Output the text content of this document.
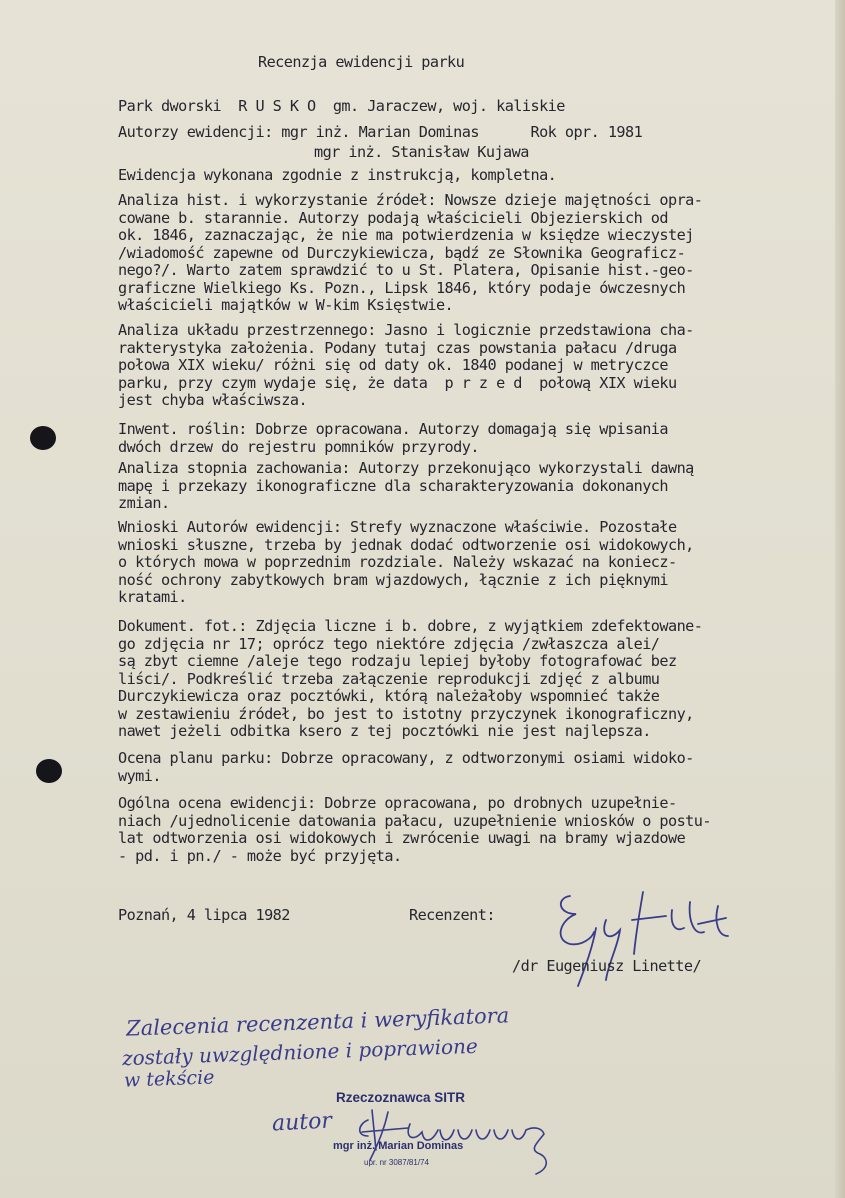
Recenzja ewidencji parku
Park dworski  R U S K O  gm. Jaraczew, woj. kaliskie
Autorzy ewidencji: mgr inż. Marian Dominas      Rok opr. 1981
mgr inż. Stanisław Kujawa
Ewidencja wykonana zgodnie z instrukcją, kompletna.
Analiza hist. i wykorzystanie źródeł: Nowsze dzieje majętności opra-
cowane b. starannie. Autorzy podają właścicieli Objezierskich od
ok. 1846, zaznaczając, że nie ma potwierdzenia w księdze wieczystej
/wiadomość zapewne od Durczykiewicza, bądź ze Słownika Geograficz-
nego?/. Warto zatem sprawdzić to u St. Platera, Opisanie hist.-geo-
graficzne Wielkiego Ks. Pozn., Lipsk 1846, który podaje ówczesnych
właścicieli majątków w W-kim Księstwie.
Analiza układu przestrzennego: Jasno i logicznie przedstawiona cha-
rakterystyka założenia. Podany tutaj czas powstania pałacu /druga
połowa XIX wieku/ różni się od daty ok. 1840 podanej w metryczce
parku, przy czym wydaje się, że data  p r z e d  połową XIX wieku
jest chyba właściwsza.
Inwent. roślin: Dobrze opracowana. Autorzy domagają się wpisania
dwóch drzew do rejestru pomników przyrody.
Analiza stopnia zachowania: Autorzy przekonująco wykorzystali dawną
mapę i przekazy ikonograficzne dla scharakteryzowania dokonanych
zmian.
Wnioski Autorów ewidencji: Strefy wyznaczone właściwie. Pozostałe
wnioski słuszne, trzeba by jednak dodać odtworzenie osi widokowych,
o których mowa w poprzednim rozdziale. Należy wskazać na koniecz-
ność ochrony zabytkowych bram wjazdowych, łącznie z ich pięknymi
kratami.
Dokument. fot.: Zdjęcia liczne i b. dobre, z wyjątkiem zdefektowane-
go zdjęcia nr 17; oprócz tego niektóre zdjęcia /zwłaszcza alei/
są zbyt ciemne /aleje tego rodzaju lepiej byłoby fotografować bez
liści/. Podkreślić trzeba załączenie reprodukcji zdjęć z albumu
Durczykiewicza oraz pocztówki, którą należałoby wspomnieć także
w zestawieniu źródeł, bo jest to istotny przyczynek ikonograficzny,
nawet jeżeli odbitka ksero z tej pocztówki nie jest najlepsza.
Ocena planu parku: Dobrze opracowany, z odtworzonymi osiami widoko-
wymi.
Ogólna ocena ewidencji: Dobrze opracowana, po drobnych uzupełnie-
niach /ujednolicenie datowania pałacu, uzupełnienie wniosków o postu-
lat odtworzenia osi widokowych i zwrócenie uwagi na bramy wjazdowe
- pd. i pn./ - może być przyjęta.
Poznań, 4 lipca 1982	Recenzent:
/dr Eugeniusz Linette/
Zalecenia recenzenta i weryfikatora
zostały uwzględnione i poprawione
w tekście
Rzeczoznawca SITR
autor
mgr inż. Marian Dominas
upr. nr 3087/81/74
